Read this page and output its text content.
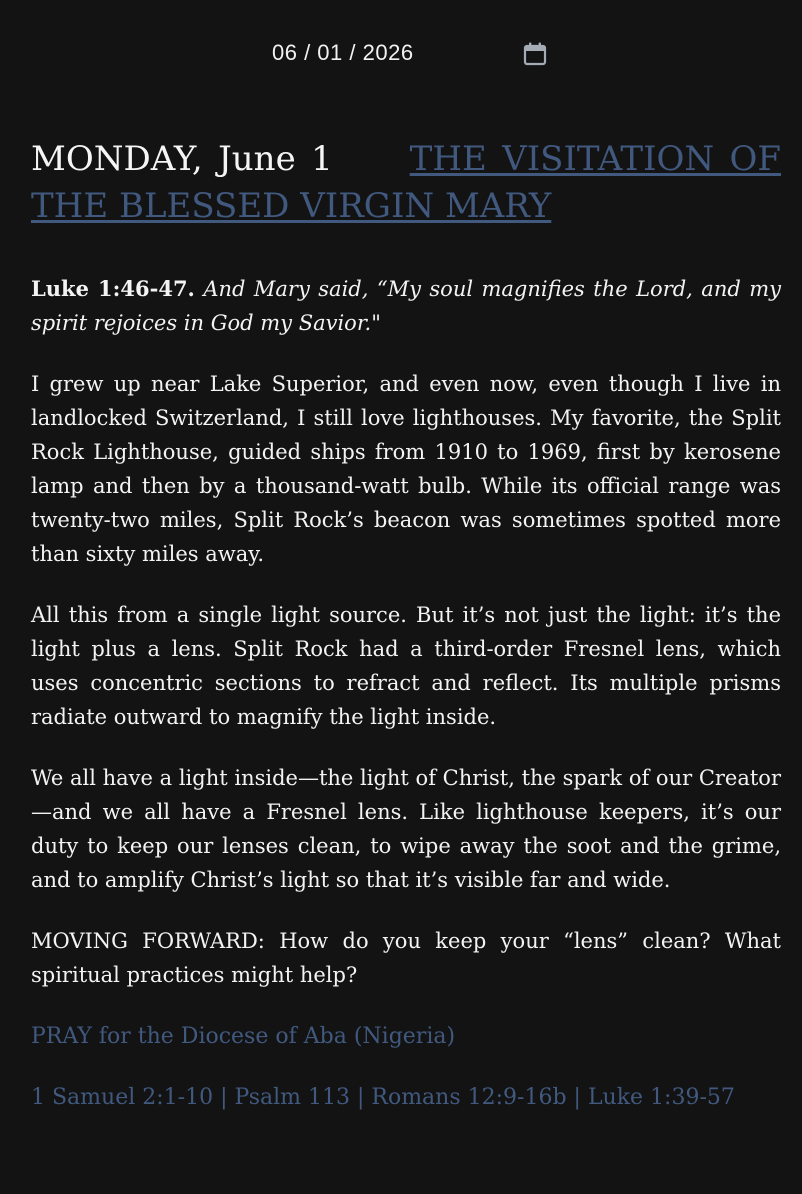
06 / 01 / 2026
MONDAY, June 1 THE VISITATION OF THE BLESSED VIRGIN MARY

Luke 1:46-47. And Mary said, “My soul magnifies the Lord, and my spirit rejoices in God my Savior."

I grew up near Lake Superior, and even now, even though I live in landlocked Switzerland, I still love lighthouses. My favorite, the Split Rock Lighthouse, guided ships from 1910 to 1969, first by kerosene lamp and then by a thousand-watt bulb. While its official range was twenty-two miles, Split Rock’s beacon was sometimes spotted more than sixty miles away.

All this from a single light source. But it’s not just the light: it’s the light plus a lens. Split Rock had a third-order Fresnel lens, which uses concentric sections to refract and reflect. Its multiple prisms radiate outward to magnify the light inside.

We all have a light inside—the light of Christ, the spark of our Creator—and we all have a Fresnel lens. Like lighthouse keepers, it’s our duty to keep our lenses clean, to wipe away the soot and the grime, and to amplify Christ’s light so that it’s visible far and wide.

MOVING FORWARD: How do you keep your “lens” clean? What spiritual practices might help?

PRAY for the Diocese of Aba (Nigeria)

1 Samuel 2:1-10 | Psalm 113 | Romans 12:9-16b | Luke 1:39-57
